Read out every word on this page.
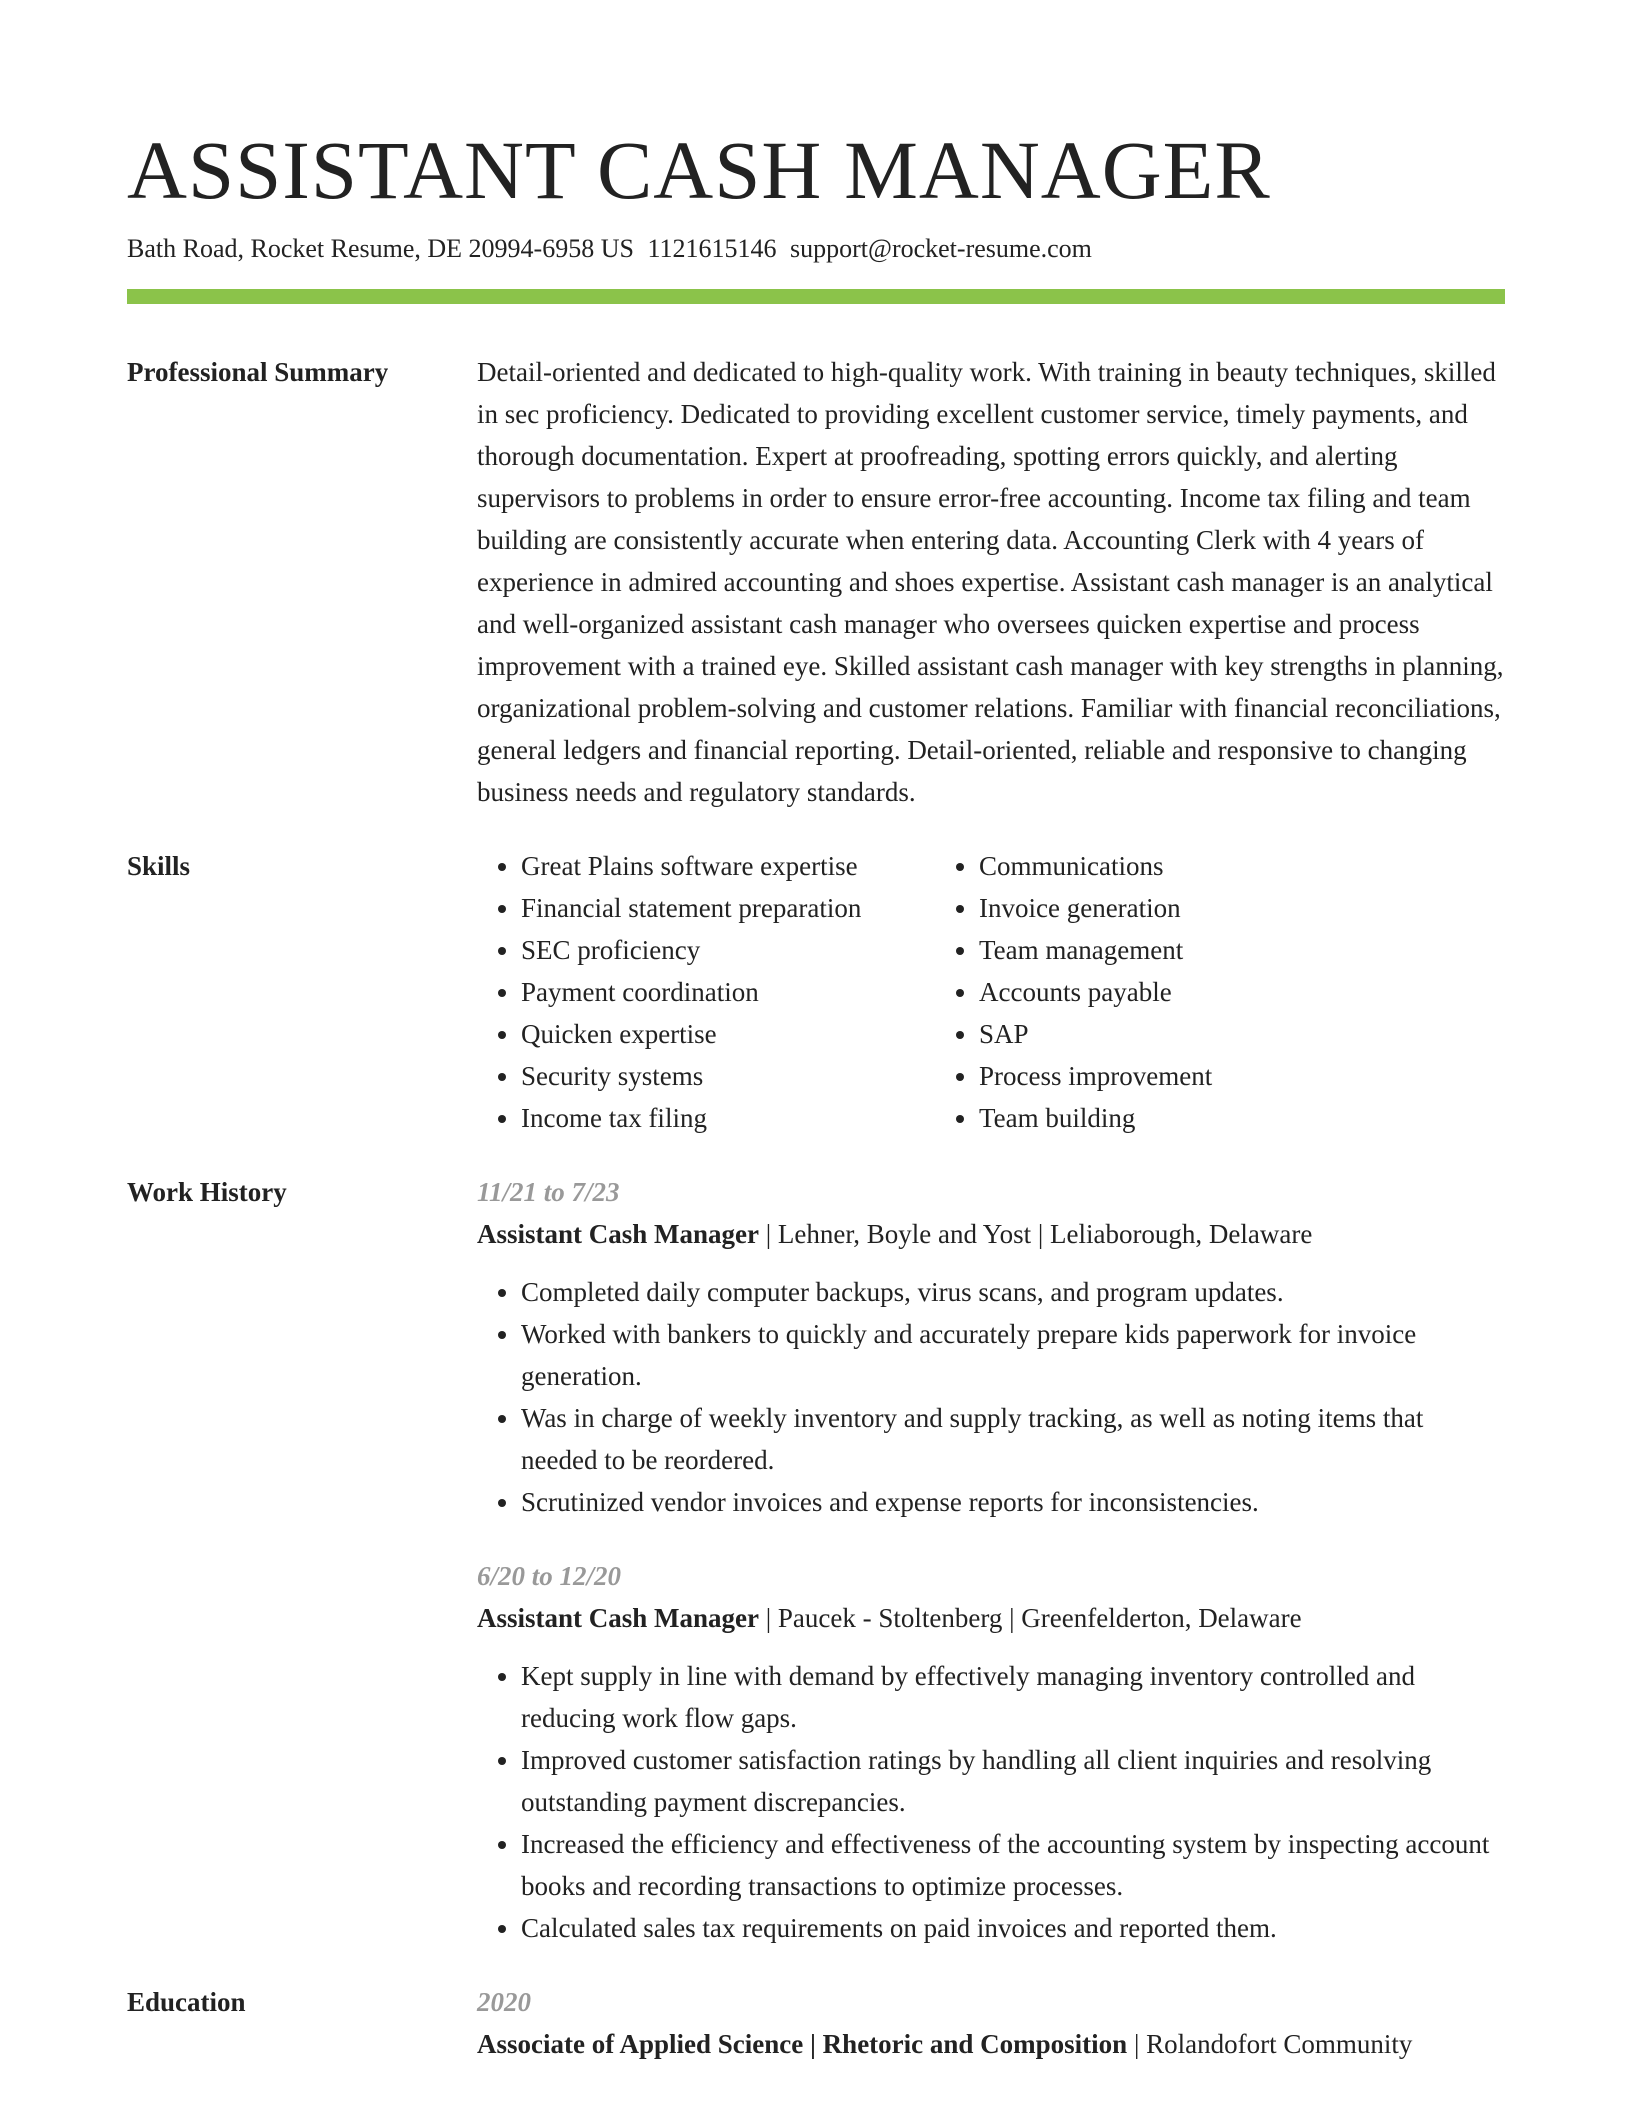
ASSISTANT CASH MANAGER
Bath Road, Rocket Resume, DE 20994-6958 US 1121615146 support@rocket-resume.com
Professional Summary	Detail-oriented and dedicated to high-quality work. With training in beauty techniques, skilled in sec proficiency. Dedicated to providing excellent customer service, timely payments, and thorough documentation. Expert at proofreading, spotting errors quickly, and alerting supervisors to problems in order to ensure error-free accounting. Income tax filing and team building are consistently accurate when entering data. Accounting Clerk with 4 years of experience in admired accounting and shoes expertise. Assistant cash manager is an analytical and well-organized assistant cash manager who oversees quicken expertise and process improvement with a trained eye. Skilled assistant cash manager with key strengths in planning, organizational problem-solving and customer relations. Familiar with financial reconciliations, general ledgers and financial reporting. Detail-oriented, reliable and responsive to changing business needs and regulatory standards.

Skills
•	Great Plains software expertise
• Financial statement preparation
• SEC proficiency
• Payment coordination
• Quicken expertise
• Security systems
• Income tax filing
• Communications
• Invoice generation
• Team management
• Accounts payable
• SAP
• Process improvement
• Team building
Work History	11/21 to 7/23
Assistant Cash Manager | Lehner, Boyle and Yost | Leliaborough, Delaware
• Completed daily computer backups, virus scans, and program updates.
• Worked with bankers to quickly and accurately prepare kids paperwork for invoice generation.
• Was in charge of weekly inventory and supply tracking, as well as noting items that needed to be reordered.
• Scrutinized vendor invoices and expense reports for inconsistencies.
6/20 to 12/20
Assistant Cash Manager | Paucek - Stoltenberg | Greenfelderton, Delaware
• Kept supply in line with demand by effectively managing inventory controlled and reducing work flow gaps.
• Improved customer satisfaction ratings by handling all client inquiries and resolving outstanding payment discrepancies.
• Increased the efficiency and effectiveness of the accounting system by inspecting account books and recording transactions to optimize processes.
• Calculated sales tax requirements on paid invoices and reported them.
Education	2020
Associate of Applied Science | Rhetoric and Composition | Rolandofort Community
